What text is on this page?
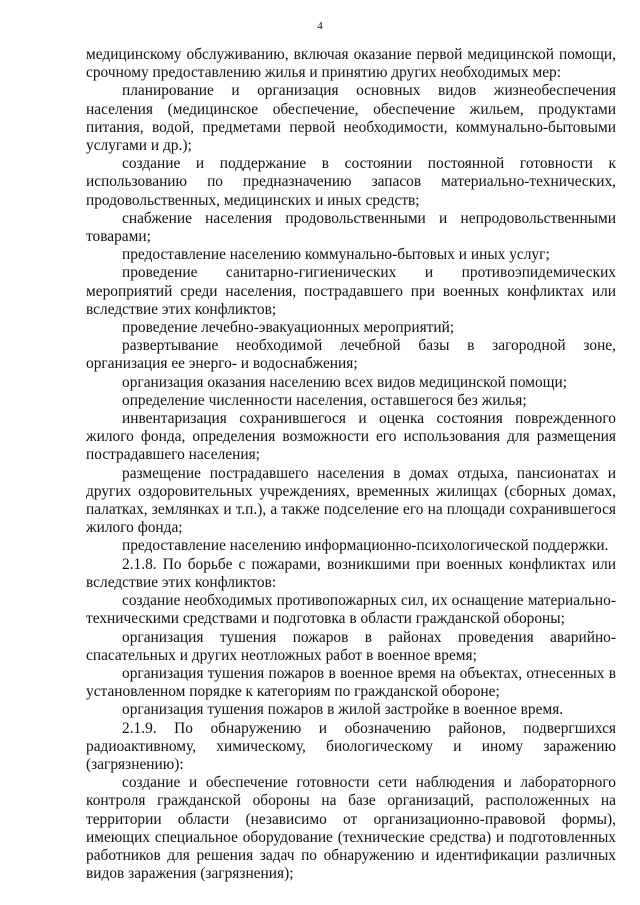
4

медицинскому обслуживанию, включая оказание первой медицинской помощи, срочному предоставлению жилья и принятию других необходимых мер:

планирование и организация основных видов жизнеобеспечения населения (медицинское обеспечение, обеспечение жильем, продуктами питания, водой, предметами первой необходимости, коммунально-бытовыми услугами и др.);

создание и поддержание в состоянии постоянной готовности к использованию по предназначению запасов материально-технических, продовольственных, медицинских и иных средств;

снабжение населения продовольственными и непродовольственными товарами;

предоставление населению коммунально-бытовых и иных услуг;

проведение санитарно-гигиенических и противоэпидемических мероприятий среди населения, пострадавшего при военных конфликтах или вследствие этих конфликтов;

проведение лечебно-эвакуационных мероприятий;

развертывание необходимой лечебной базы в загородной зоне, организация ее энерго- и водоснабжения;

организация оказания населению всех видов медицинской помощи;

определение численности населения, оставшегося без жилья;

инвентаризация сохранившегося и оценка состояния поврежденного жилого фонда, определения возможности его использования для размещения пострадавшего населения;

размещение пострадавшего населения в домах отдыха, пансионатах и других оздоровительных учреждениях, временных жилищах (сборных домах, палатках, землянках и т.п.), а также подселение его на площади сохранившегося жилого фонда;

предоставление населению информационно-психологической поддержки.

2.1.8. По борьбе с пожарами, возникшими при военных конфликтах или вследствие этих конфликтов:

создание необходимых противопожарных сил, их оснащение материально-техническими средствами и подготовка в области гражданской обороны;

организация тушения пожаров в районах проведения аварийно-спасательных и других неотложных работ в военное время;

организация тушения пожаров в военное время на объектах, отнесенных в установленном порядке к категориям по гражданской обороне;

организация тушения пожаров в жилой застройке в военное время.

2.1.9. По обнаружению и обозначению районов, подвергшихся радиоактивному, химическому, биологическому и иному заражению (загрязнению):

создание и обеспечение готовности сети наблюдения и лабораторного контроля гражданской обороны на базе организаций, расположенных на территории области (независимо от организационно-правовой формы), имеющих специальное оборудование (технические средства) и подготовленных работников для решения задач по обнаружению и идентификации различных видов заражения (загрязнения);
